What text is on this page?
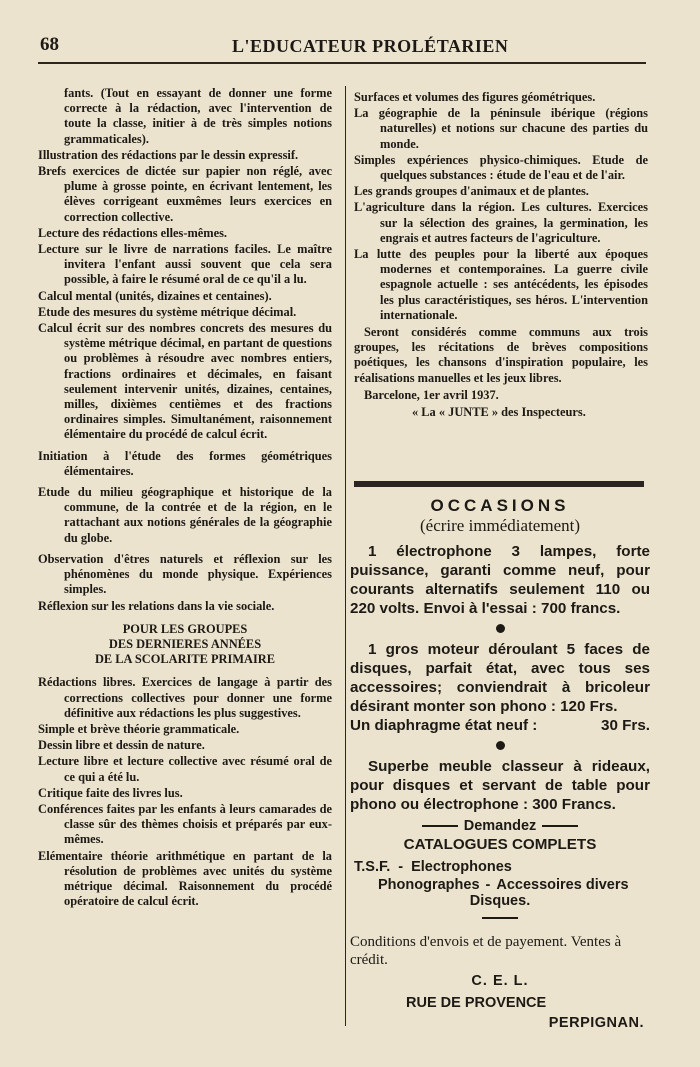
68	L'EDUCATEUR PROLÉTARIEN

fants. (Tout en essayant de donner une forme correcte à la rédaction, avec l'intervention de toute la classe, initier à de très simples notions grammaticales).

Illustration des rédactions par le dessin expressif.

Brefs exercices de dictée sur papier non réglé, avec plume à grosse pointe, en écrivant lentement, les élèves corrigeant euxmêmes leurs exercices en correction collective.

Lecture des rédactions elles-mêmes.

Lecture sur le livre de narrations faciles. Le maître invitera l'enfant aussi souvent que cela sera possible, à faire le résumé oral de ce qu'il a lu.

Calcul mental (unités, dizaines et centaines).

Etude des mesures du système métrique décimal.

Calcul écrit sur des nombres concrets des mesures du système métrique décimal, en partant de questions ou problèmes à résoudre avec nombres entiers, fractions ordinaires et décimales, en faisant seulement intervenir unités, dizaines, centaines, milles, dixièmes centièmes et des fractions ordinaires simples. Simultanément, raisonnement élémentaire du procédé de calcul écrit.

Initiation à l'étude des formes géométriques élémentaires.

Etude du milieu géographique et historique de la commune, de la contrée et de la région, en le rattachant aux notions générales de la géographie du globe.

Observation d'êtres naturels et réflexion sur les phénomènes du monde physique. Expériences simples.

Réflexion sur les relations dans la vie sociale.

POUR LES GROUPES
DES DERNIERES ANNÉES
DE LA SCOLARITE PRIMAIRE

Rédactions libres. Exercices de langage à partir des corrections collectives pour donner une forme définitive aux rédactions les plus suggestives.

Simple et brève théorie grammaticale.

Dessin libre et dessin de nature.

Lecture libre et lecture collective avec résumé oral de ce qui a été lu.

Critique faite des livres lus.

Conférences faites par les enfants à leurs camarades de classe sûr des thèmes choisis et préparés par eux-mêmes.

Elémentaire théorie arithmétique en partant de la résolution de problèmes avec unités du système métrique décimal. Raisonnement du procédé opératoire de calcul écrit.

Surfaces et volumes des figures géométriques.

La géographie de la péninsule ibérique (régions naturelles) et notions sur chacune des parties du monde.

Simples expériences physico-chimiques. Etude de quelques substances : étude de l'eau et de l'air.

Les grands groupes d'animaux et de plantes.

L'agriculture dans la région. Les cultures. Exercices sur la sélection des graines, la germination, les engrais et autres facteurs de l'agriculture.

La lutte des peuples pour la liberté aux époques modernes et contemporaines. La guerre civile espagnole actuelle : ses antécédents, les épisodes les plus caractéristiques, ses héros. L'intervention internationale.

Seront considérés comme communs aux trois groupes, les récitations de brèves compositions poétiques, les chansons d'inspiration populaire, les réalisations manuelles et les jeux libres.

Barcelone, 1er avril 1937.

« La « JUNTE » des Inspecteurs.

OCCASIONS

(écrire immédiatement)

1 électrophone 3 lampes, forte puissance, garanti comme neuf, pour courants alternatifs seulement 110 ou 220 volts. Envoi à l'essai : 700 francs.

1 gros moteur déroulant 5 faces de disques, parfait état, avec tous ses accessoires; conviendrait à bricoleur désirant monter son phono : 120 Frs.

Un diaphragme état neuf :	30 Frs.

Superbe meuble classeur à rideaux, pour disques et servant de table pour phono ou électrophone : 300 Francs.

Demandez

CATALOGUES COMPLETS

T.S.F. - Electrophones

Phonographes - Accessoires divers

Disques.

Conditions d'envois et de payement. Ventes à crédit.

C. E. L.

RUE DE PROVENCE

PERPIGNAN.
